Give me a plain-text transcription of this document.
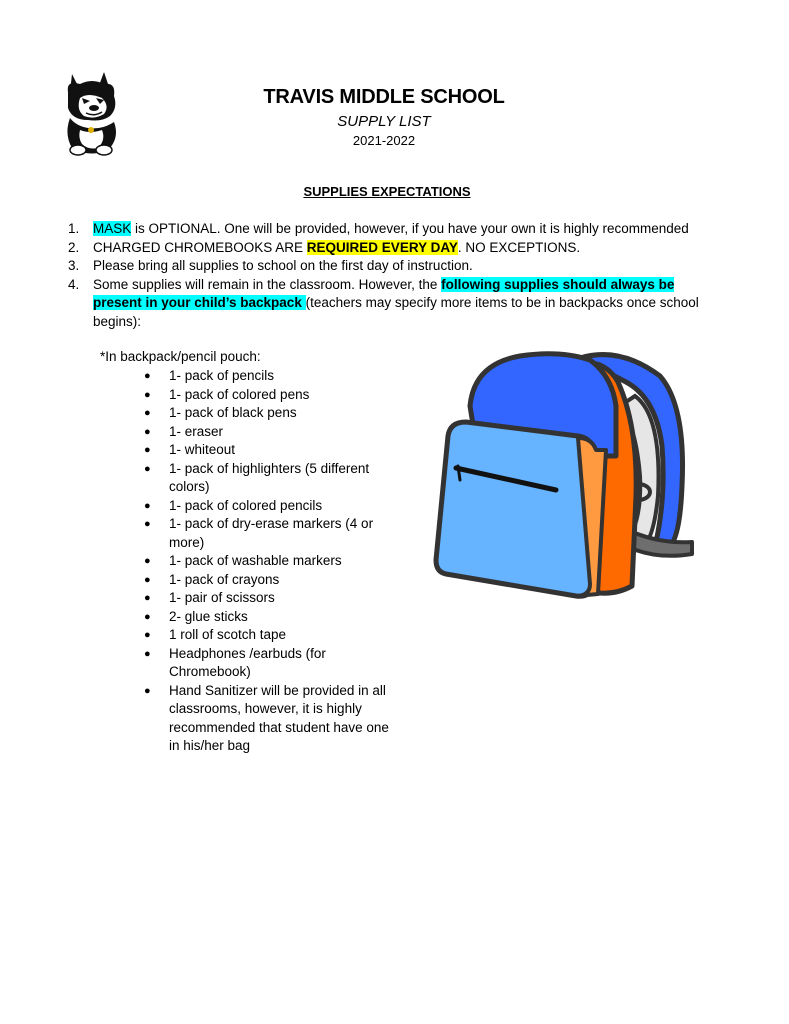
TRAVIS MIDDLE SCHOOL
SUPPLY LIST
2021-2022
SUPPLIES EXPECTATIONS
1. MASK is OPTIONAL. One will be provided, however, if you have your own it is highly recommended
2. CHARGED CHROMEBOOKS ARE REQUIRED EVERY DAY. NO EXCEPTIONS.
3. Please bring all supplies to school on the first day of instruction.
4. Some supplies will remain in the classroom. However, the following supplies should always be present in your child’s backpack (teachers may specify more items to be in backpacks once school begins):
*In backpack/pencil pouch:
● 1- pack of pencils
● 1- pack of colored pens
● 1- pack of black pens
● 1- eraser
● 1- whiteout
● 1- pack of highlighters (5 different colors)
● 1- pack of colored pencils
● 1- pack of dry-erase markers (4 or more)
● 1- pack of washable markers
● 1- pack of crayons
● 1- pair of scissors
● 2- glue sticks
● 1 roll of scotch tape
● Headphones /earbuds (for Chromebook)
● Hand Sanitizer will be provided in all classrooms, however, it is highly recommended that student have one in his/her bag
